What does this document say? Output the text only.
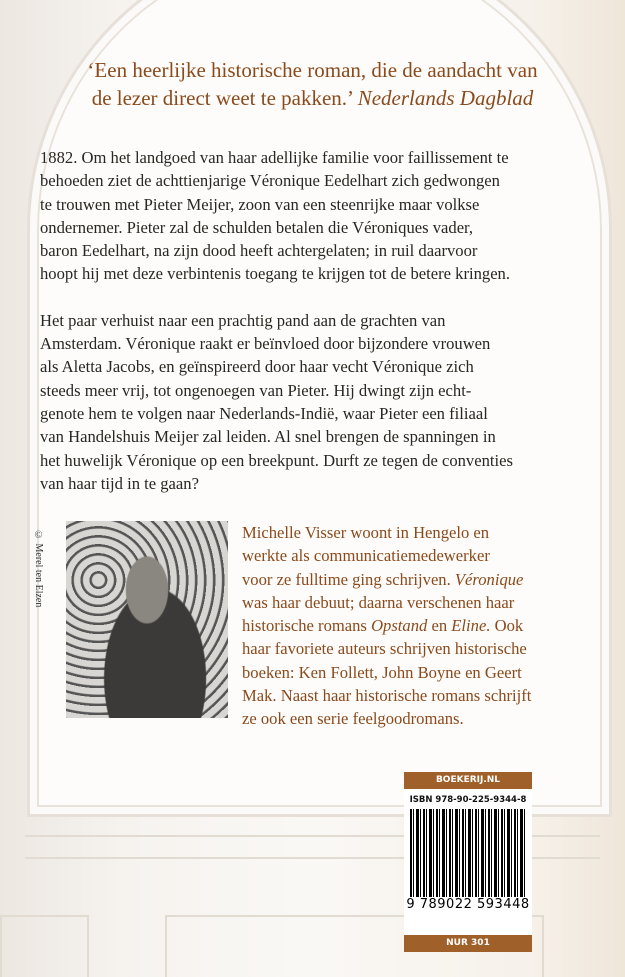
‘Een heerlijke historische roman, die de aandacht van
de lezer direct weet te pakken.’ Nederlands Dagblad
1882. Om het landgoed van haar adellijke familie voor faillissement te
behoeden ziet de achttienjarige Véronique Eedelhart zich gedwongen
te trouwen met Pieter Meijer, zoon van een steenrijke maar volkse
ondernemer. Pieter zal de schulden betalen die Véroniques vader,
baron Eedelhart, na zijn dood heeft achtergelaten; in ruil daarvoor
hoopt hij met deze verbintenis toegang te krijgen tot de betere kringen.
Het paar verhuist naar een prachtig pand aan de grachten van
Amsterdam. Véronique raakt er beïnvloed door bijzondere vrouwen
als Aletta Jacobs, en geïnspireerd door haar vecht Véronique zich
steeds meer vrij, tot ongenoegen van Pieter. Hij dwingt zijn echt-
genote hem te volgen naar Nederlands-Indië, waar Pieter een filiaal
van Handelshuis Meijer zal leiden. Al snel brengen de spanningen in
het huwelijk Véronique op een breekpunt. Durft ze tegen de conventies
van haar tijd in te gaan?
© Merel ten Elzen	Michelle Visser woont in Hengelo en
werkte als communicatiemedewerker
voor ze fulltime ging schrijven. Véronique
was haar debuut; daarna verschenen haar
historische romans Opstand en Eline. Ook
haar favoriete auteurs schrijven historische
boeken: Ken Follett, John Boyne en Geert
Mak. Naast haar historische romans schrijft
ze ook een serie feelgoodromans.
BOEKERIJ.NL
ISBN 978-90-225-9344-8
9 789022 593448
NUR 301
